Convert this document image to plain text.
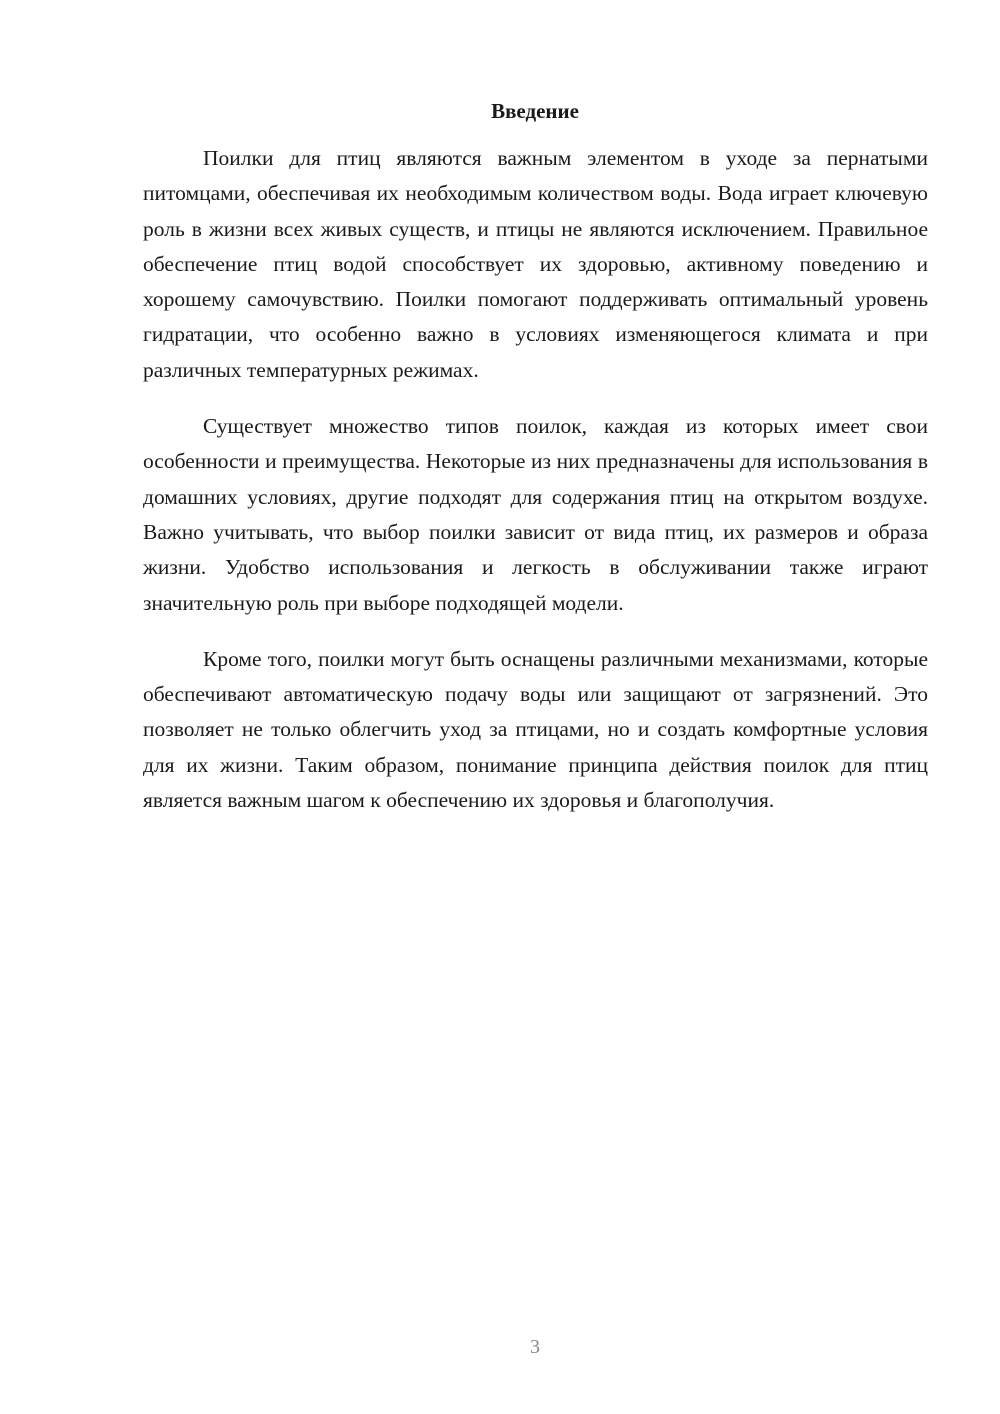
Введение

Поилки для птиц являются важным элементом в уходе за пернатыми питомцами, обеспечивая их необходимым количеством воды. Вода играет ключевую роль в жизни всех живых существ, и птицы не являются исключением. Правильное обеспечение птиц водой способствует их здоровью, активному поведению и хорошему самочувствию. Поилки помогают поддерживать оптимальный уровень гидратации, что особенно важно в условиях изменяющегося климата и при различных температурных режимах.

Существует множество типов поилок, каждая из которых имеет свои особенности и преимущества. Некоторые из них предназначены для использования в домашних условиях, другие подходят для содержания птиц на открытом воздухе. Важно учитывать, что выбор поилки зависит от вида птиц, их размеров и образа жизни. Удобство использования и легкость в обслуживании также играют значительную роль при выборе подходящей модели.

Кроме того, поилки могут быть оснащены различными механизмами, которые обеспечивают автоматическую подачу воды или защищают от загрязнений. Это позволяет не только облегчить уход за птицами, но и создать комфортные условия для их жизни. Таким образом, понимание принципа действия поилок для птиц является важным шагом к обеспечению их здоровья и благополучия.

3
